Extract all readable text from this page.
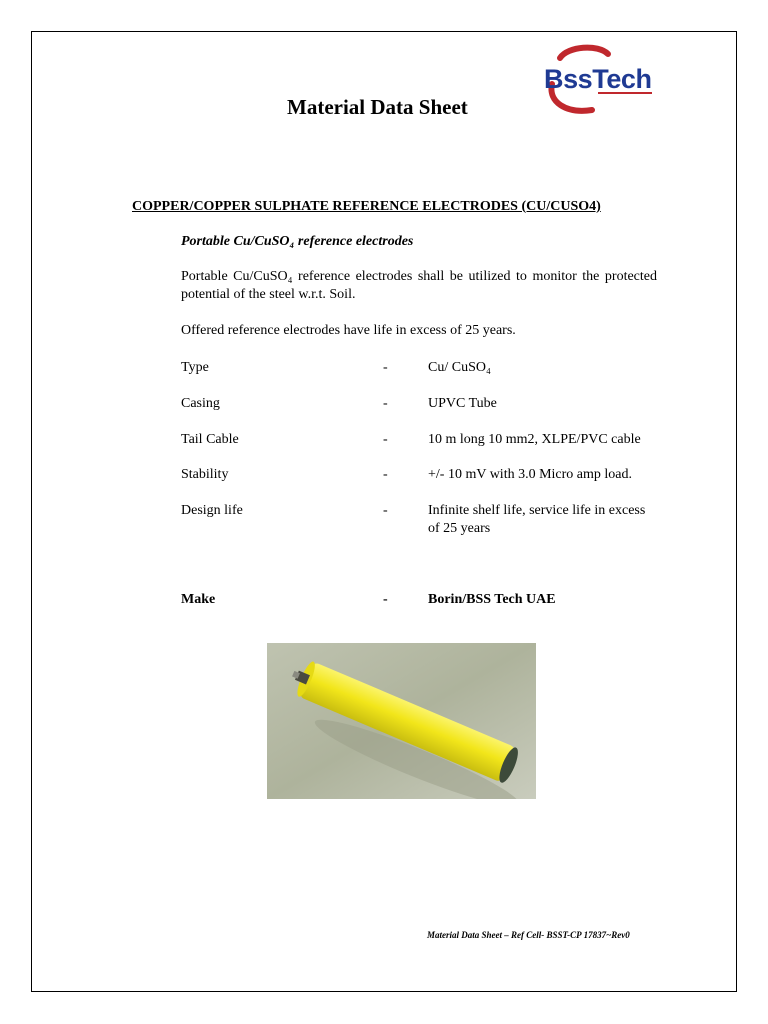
BssTech
Material Data Sheet
COPPER/COPPER SULPHATE REFERENCE ELECTRODES (CU/CUSO4)
Portable Cu/CuSO₄ reference electrodes
Portable Cu/CuSO₄ reference electrodes shall be utilized to monitor the protected potential of the steel w.r.t. Soil.
Offered reference electrodes have life in excess of 25 years.
Type	-	Cu/ CuSO₄
Casing	-	UPVC Tube
Tail Cable	-	10 m long 10 mm2, XLPE/PVC cable
Stability	-	+/- 10 mV with 3.0 Micro amp load.
Design life	-	Infinite shelf life, service life in excess of 25 years
Make	-	Borin/BSS Tech UAE
Material Data Sheet – Ref Cell- BSST-CP 17837~Rev0
